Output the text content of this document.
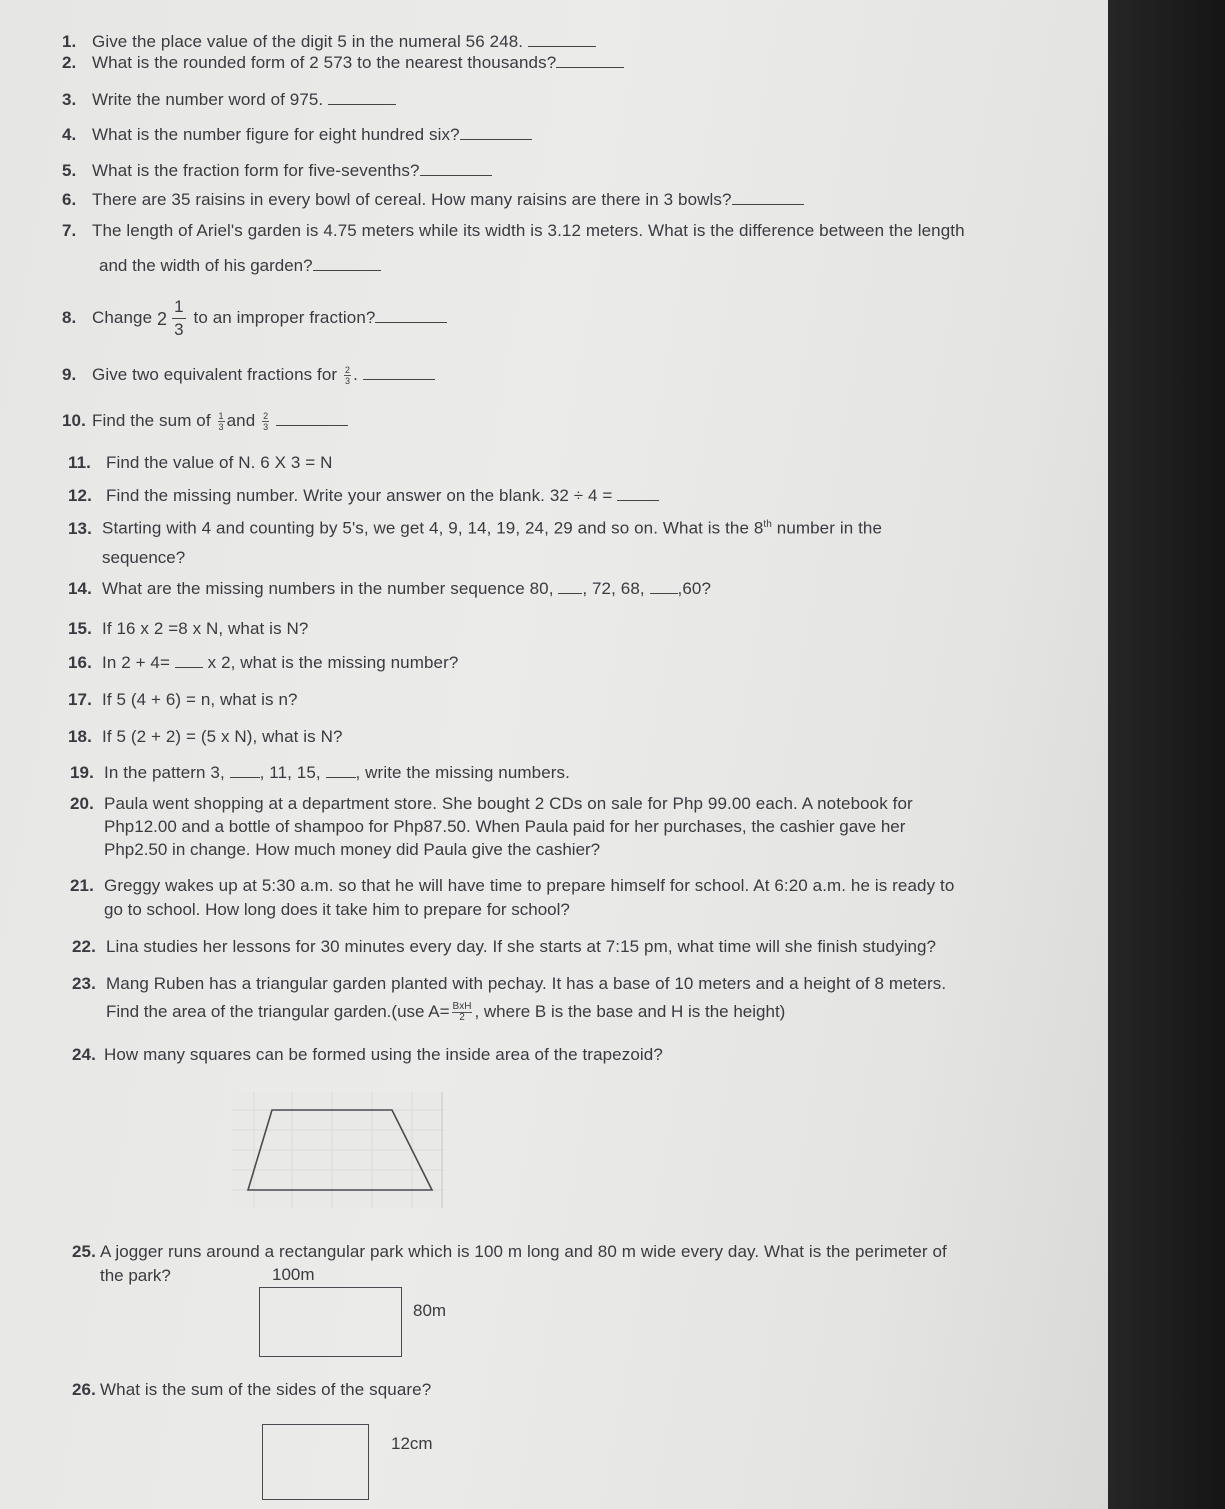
1. Give the place value of the digit 5 in the numeral 56 248.
2. What is the rounded form of 2 573 to the nearest thousands?
3. Write the number word of 975.
4. What is the number figure for eight hundred six?
5. What is the fraction form for five-sevenths?
6. There are 35 raisins in every bowl of cereal. How many raisins are there in 3 bowls?
7. The length of Ariel's garden is 4.75 meters while its width is 3.12 meters. What is the difference between the length
and the width of his garden?
8. Change $2 \frac{1}{3}$ to an improper fraction?
9. Give two equivalent fractions for $\frac{2}{3}$ .
10. Find the sum of $\frac{1}{3}$ and $\frac{2}{3}$

11. Find the value of N. 6 X 3 = N
12. Find the missing number. Write your answer on the blank. 32 ÷ 4 =
13. Starting with 4 and counting by 5's, we get 4, 9, 14, 19, 24, 29 and so on. What is the 8th number in the
sequence?
14. What are the missing numbers in the number sequence 80, , 72, 68, ,60?
15. If 16 x 2 =8 x N, what is N?
16. In 2 + 4= x 2, what is the missing number?
17. If 5 (4 + 6) = n, what is n?
18. If 5 (2 + 2) = (5 x N), what is N?
19. In the pattern 3, , 11, 15, , write the missing numbers.
20. Paula went shopping at a department store. She bought 2 CDs on sale for Php 99.00 each. A notebook for
Php12.00 and a bottle of shampoo for Php87.50. When Paula paid for her purchases, the cashier gave her
Php2.50 in change. How much money did Paula give the cashier?
21. Greggy wakes up at 5:30 a.m. so that he will have time to prepare himself for school. At 6:20 a.m. he is ready to
go to school. How long does it take him to prepare for school?
22. Lina studies her lessons for 30 minutes every day. If she starts at 7:15 pm, what time will she finish studying?
23. Mang Ruben has a triangular garden planted with pechay. It has a base of 10 meters and a height of 8 meters.
Find the area of the triangular garden.(use $A= \frac{\text{BxH}}{2}$ , where B is the base and H is the height)
24. How many squares can be formed using the inside area of the trapezoid?
25. A jogger runs around a rectangular park which is 100 m long and 80 m wide every day. What is the perimeter of
the park?	100m
80m
26. What is the sum of the sides of the square?
12cm
